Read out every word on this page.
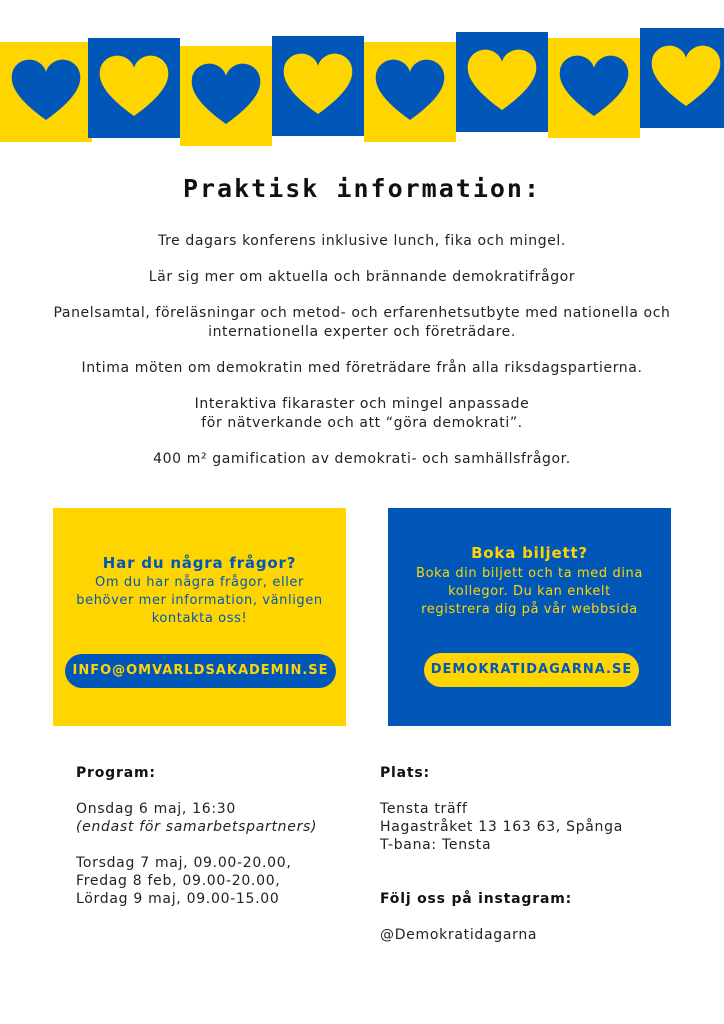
Praktisk information:

Tre dagars konferens inklusive lunch, fika och mingel.

Lär sig mer om aktuella och brännande demokratifrågor

Panelsamtal, föreläsningar och metod- och erfarenhetsutbyte med nationella och internationella experter och företrädare.

Intima möten om demokratin med företrädare från alla riksdagspartierna.

Interaktiva fikaraster och mingel anpassade
för nätverkande och att “göra demokrati”.

400 m² gamification av demokrati- och samhällsfrågor.

Har du några frågor?
Om du har några frågor, eller behöver mer information, vänligen kontakta oss!
INFO@OMVARLDSAKADEMIN.SE
Boka biljett?
Boka din biljett och ta med dina kollegor. Du kan enkelt registrera dig på vår webbsida
DEMOKRATIDAGARNA.SE
Program:
Onsdag 6 maj, 16:30
(endast för samarbetspartners)
Torsdag 7 maj, 09.00-20.00,
Fredag 8 feb, 09.00-20.00,
Lördag 9 maj, 09.00-15.00
Plats:
Tensta träff
Hagastråket 13 163 63, Spånga
T-bana: Tensta
Följ oss på instagram:
@Demokratidagarna
